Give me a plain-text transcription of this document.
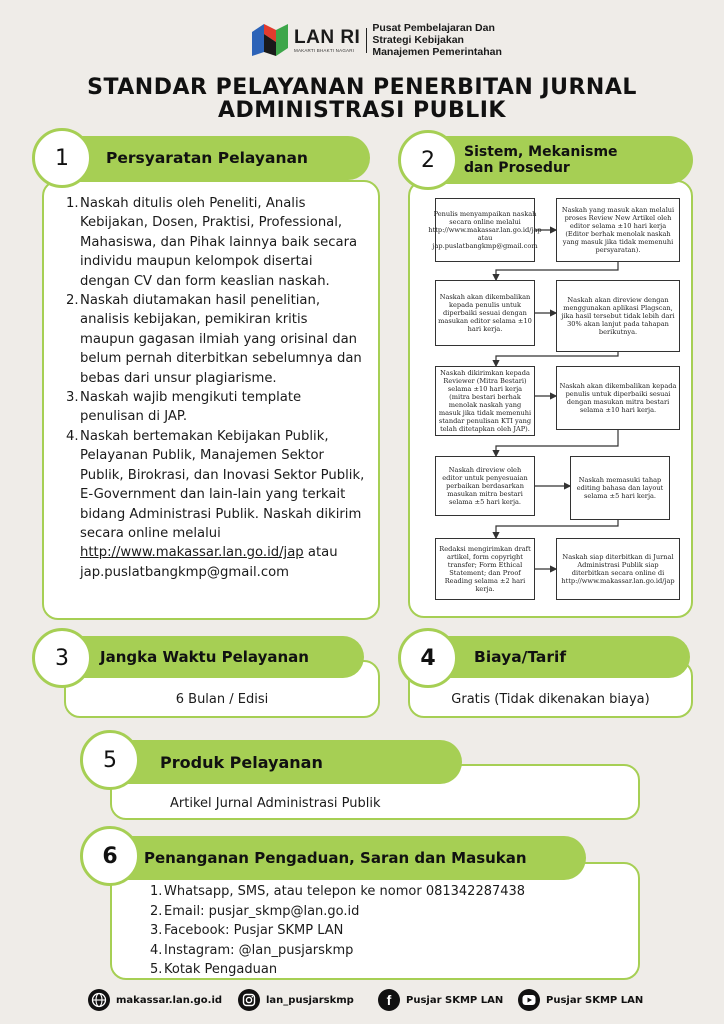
LAN RI
MAKARTI BHAKTI NAGARI
Pusat Pembelajaran Dan
Strategi Kebijakan
Manajemen Pemerintahan
STANDAR PELAYANAN PENERBITAN JURNAL
ADMINISTRASI PUBLIK
1. Naskah ditulis oleh Peneliti, Analis Kebijakan, Dosen, Praktisi, Professional, Mahasiswa, dan Pihak lainnya baik secara individu maupun kelompok disertai dengan CV dan form keaslian naskah.
2. Naskah diutamakan hasil penelitian, analisis kebijakan, pemikiran kritis maupun gagasan ilmiah yang orisinal dan belum pernah diterbitkan sebelumnya dan bebas dari unsur plagiarisme.
3. Naskah wajib mengikuti template penulisan di JAP.
4. Naskah bertemakan Kebijakan Publik, Pelayanan Publik, Manajemen Sektor Publik, Birokrasi, dan Inovasi Sektor Publik, E-Government dan lain-lain yang terkait bidang Administrasi Publik. Naskah dikirim secara online melalui
http://www.makassar.lan.go.id/jap atau
jap.puslatbangkmp@gmail.com
Persyaratan Pelayanan
1	Sistem, Mekanisme
dan Prosedur
2
Penulis menyampaikan naskah secara online melalui http://www.makassar.lan.go.id/jap atau jap.puslatbangkmp@gmail.com
Naskah yang masuk akan melalui proses Review New Artikel oleh editor selama ±10 hari kerja (Editor berhak menolak naskah yang masuk jika tidak memenuhi persyaratan).
Naskah akan dikembalikan kepada penulis untuk diperbaiki sesuai dengan masukan editor selama ±10 hari kerja.
Naskah akan direview dengan menggunakan aplikasi Plagscan, jika hasil tersebut tidak lebih dari 30% akan lanjut pada tahapan berikutnya.
Naskah dikirimkan kepada Reviewer (Mitra Bestari) selama ±10 hari kerja (mitra bestari berhak menolak naskah yang masuk jika tidak memenuhi standar penulisan KTI yang telah ditetapkan oleh JAP).
Naskah akan dikembalikan kepada penulis untuk diperbaiki sesuai dengan masukan mitra bestari selama ±10 hari kerja.
Naskah direview oleh editor untuk penyesuaian perbaikan berdasarkan masukan mitra bestari selama ±5 hari kerja.
Naskah memasuki tahap editing bahasa dan layout selama ±5 hari kerja.
Redaksi mengirimkan draft artikel, form copyright transfer; Form Ethical Statement; dan Proof Reading selama ±2 hari kerja.
Naskah siap diterbitkan di Jurnal Administrasi Publik siap diterbitkan secara online di http://www.makassar.lan.go.id/jap
6 Bulan / Edisi
Jangka Waktu Pelayanan
3
Gratis (Tidak dikenakan biaya)
Biaya/Tarif
4
Artikel Jurnal Administrasi Publik
Produk Pelayanan
5
1. Whatsapp, SMS, atau telepon ke nomor 081342287438
2. Email: pusjar_skmp@lan.go.id
3. Facebook: Pusjar SKMP LAN
4. Instagram: @lan_pusjarskmp
5. Kotak Pengaduan
Penanganan Pengaduan, Saran dan Masukan
6
makassar.lan.go.id	lan_pusjarskmp	f	Pusjar SKMP LAN	Pusjar SKMP LAN
